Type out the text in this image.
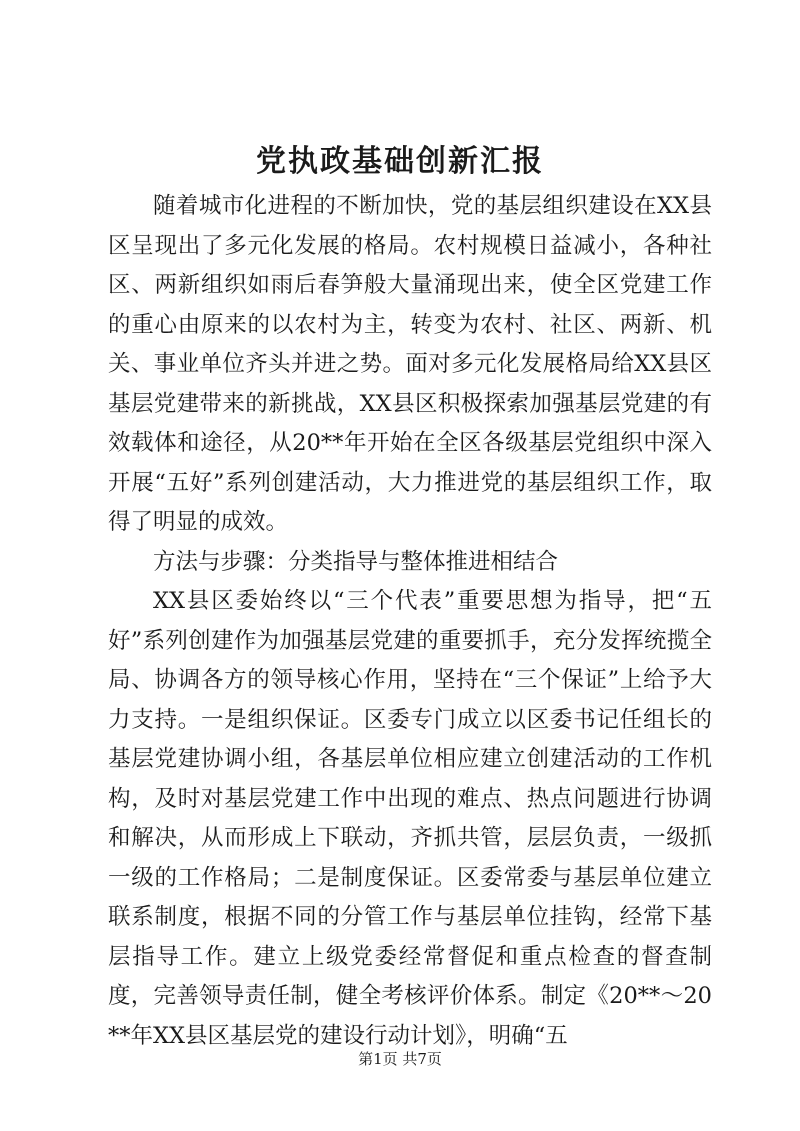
党执政基础创新汇报

随着城市化进程的不断加快，党的基层组织建设在XX县区呈现出了多元化发展的格局。农村规模日益减小，各种社区、两新组织如雨后春笋般大量涌现出来，使全区党建工作的重心由原来的以农村为主，转变为农村、社区、两新、机关、事业单位齐头并进之势。面对多元化发展格局给XX县区基层党建带来的新挑战，XX县区积极探索加强基层党建的有效载体和途径，从20**年开始在全区各级基层党组织中深入开展“五好”系列创建活动，大力推进党的基层组织工作，取得了明显的成效。

方法与步骤：分类指导与整体推进相结合

XX县区委始终以“三个代表”重要思想为指导，把“五好”系列创建作为加强基层党建的重要抓手，充分发挥统揽全局、协调各方的领导核心作用，坚持在“三个保证”上给予大力支持。一是组织保证。区委专门成立以区委书记任组长的基层党建协调小组，各基层单位相应建立创建活动的工作机构，及时对基层党建工作中出现的难点、热点问题进行协调和解决，从而形成上下联动，齐抓共管，层层负责，一级抓一级的工作格局；二是制度保证。区委常委与基层单位建立联系制度，根据不同的分管工作与基层单位挂钩，经常下基层指导工作。建立上级党委经常督促和重点检查的督查制度，完善领导责任制，健全考核评价体系。制定《20**～20**年XX县区基层党的建设行动计划》，明确“五

第1页 共7页
